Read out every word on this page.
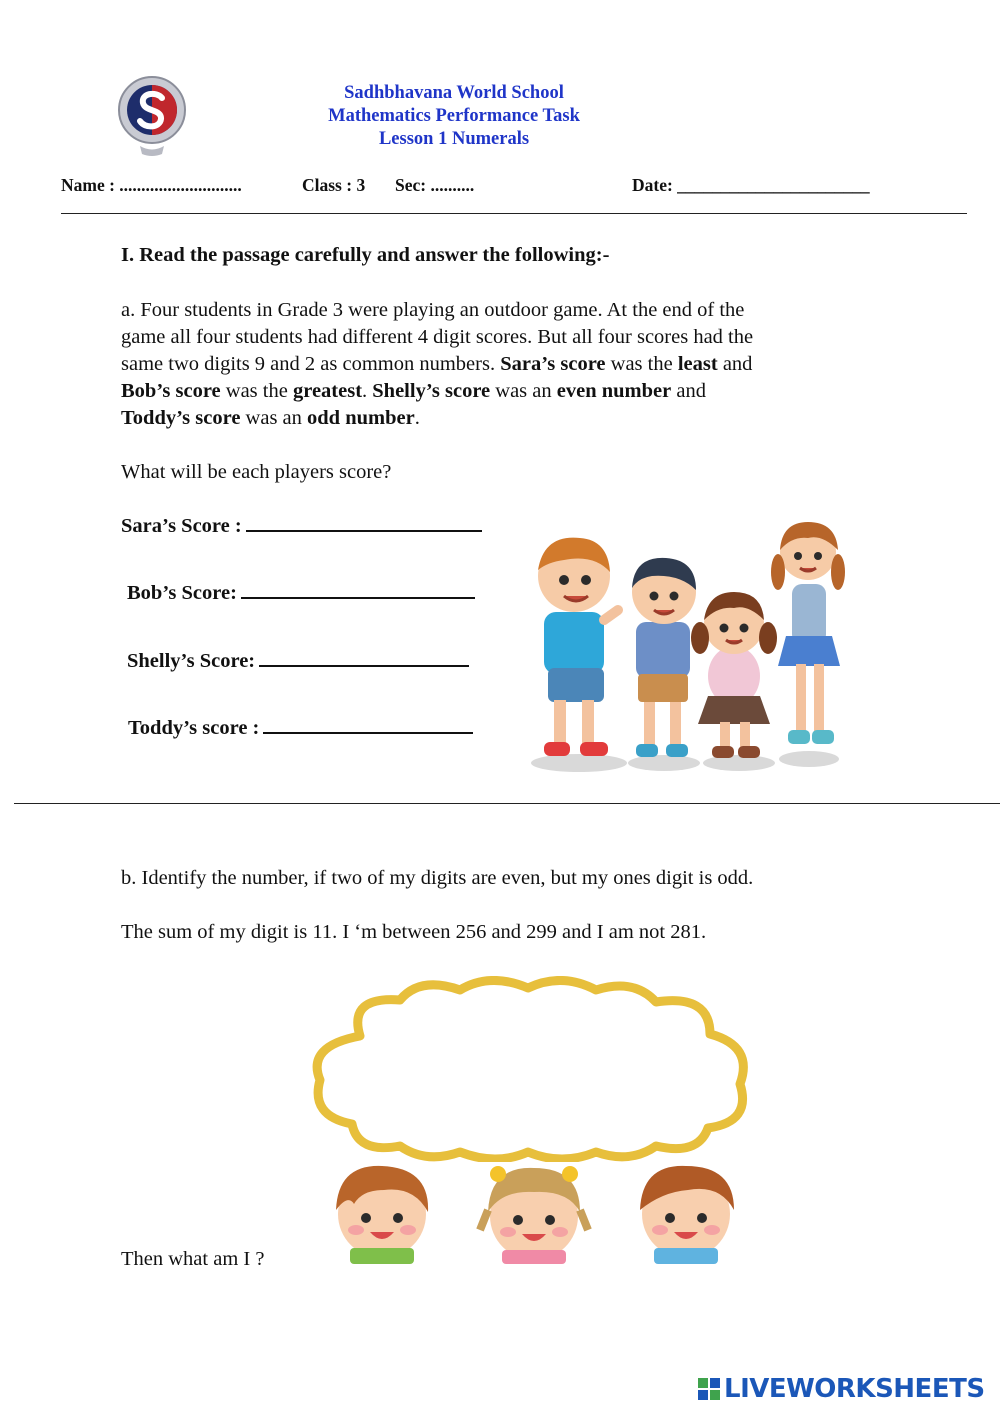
Sadhbhavana World School
Mathematics Performance Task
Lesson 1 Numerals
Name : ............................	Class : 3 Sec: ..........	Date: ______________________
I. Read the passage carefully and answer the following:-

a. Four students in Grade 3 were playing an outdoor game. At the end of the

game all four students had different 4 digit scores. But all four scores had the

same two digits 9 and 2 as common numbers. Sara’s score was the least and

Bob’s score was the greatest. Shelly’s score was an even number and

Toddy’s score was an odd number.

What will be each players score?
Sara’s Score :
Bob’s Score:
Shelly’s Score:
Toddy’s score :
b. Identify the number, if two of my digits are even, but my ones digit is odd.
The sum of my digit is 11. I ‘m between 256 and 299 and I am not 281.
Then what am I ?
LIVEWORKSHEETS
